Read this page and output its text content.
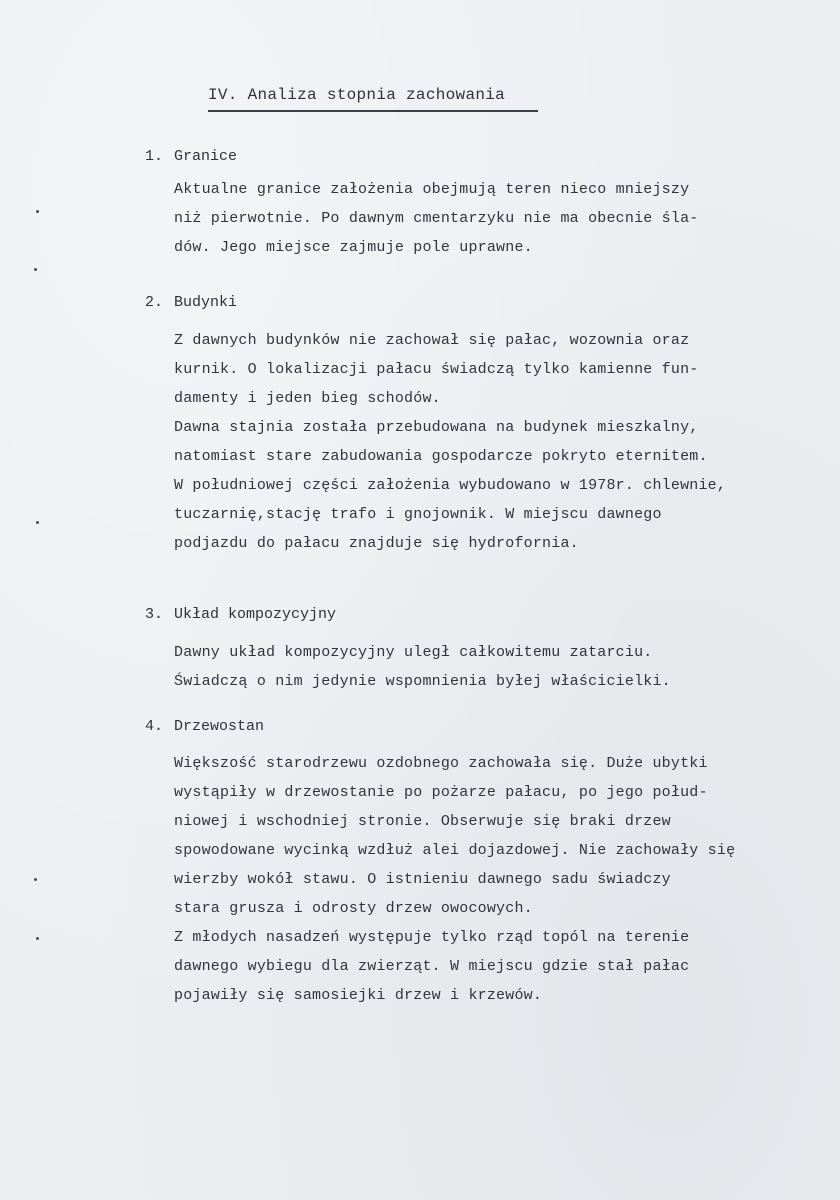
IV. Analiza stopnia zachowania
1. Granice
Aktualne granice założenia obejmują teren nieco mniejszy
niż pierwotnie. Po dawnym cmentarzyku nie ma obecnie śla-
dów. Jego miejsce zajmuje pole uprawne.
2. Budynki
Z dawnych budynków nie zachował się pałac, wozownia oraz
kurnik. O lokalizacji pałacu świadczą tylko kamienne fun-
damenty i jeden bieg schodów.
Dawna stajnia została przebudowana na budynek mieszkalny,
natomiast stare zabudowania gospodarcze pokryto eternitem.
W południowej części założenia wybudowano w 1978r. chlewnie,
tuczarnię,stację trafo i gnojownik. W miejscu dawnego
podjazdu do pałacu znajduje się hydrofornia.
3. Układ kompozycyjny
Dawny układ kompozycyjny uległ całkowitemu zatarciu.
Świadczą o nim jedynie wspomnienia byłej właścicielki.
4. Drzewostan
Większość starodrzewu ozdobnego zachowała się. Duże ubytki
wystąpiły w drzewostanie po pożarze pałacu, po jego połud-
niowej i wschodniej stronie. Obserwuje się braki drzew
spowodowane wycinką wzdłuż alei dojazdowej. Nie zachowały się
wierzby wokół stawu. O istnieniu dawnego sadu świadczy
stara grusza i odrosty drzew owocowych.
Z młodych nasadzeń występuje tylko rząd topól na terenie
dawnego wybiegu dla zwierząt. W miejscu gdzie stał pałac
pojawiły się samosiejki drzew i krzewów.
